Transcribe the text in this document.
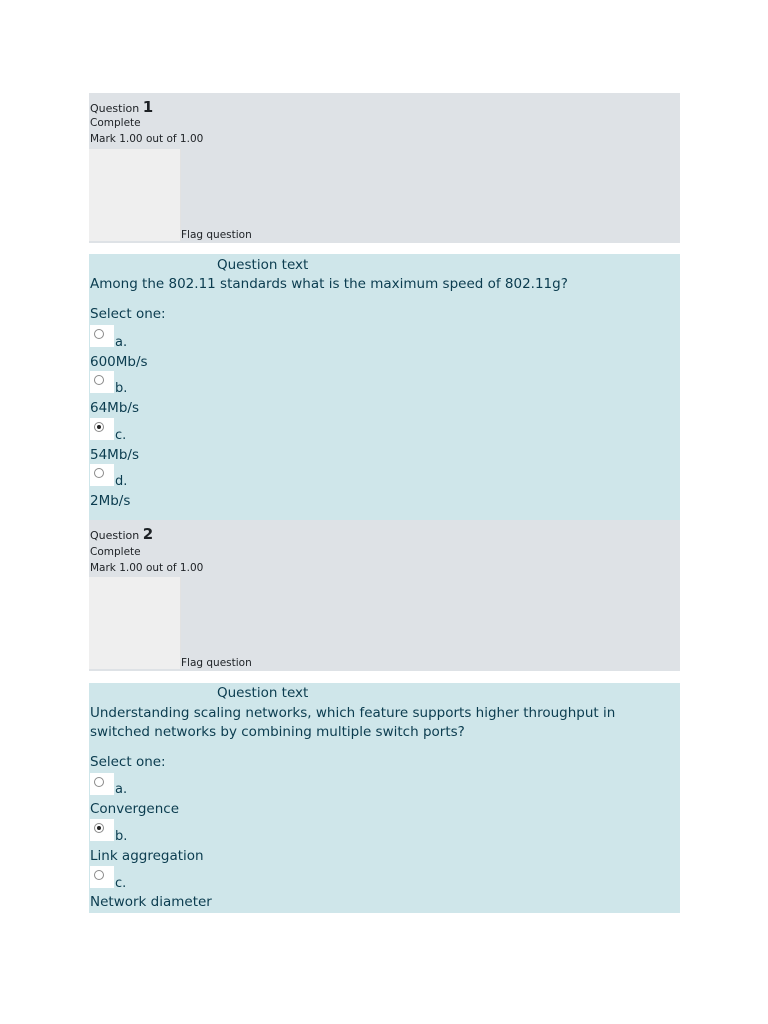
Question 1
Complete
Mark 1.00 out of 1.00
Flag question
Question text
Among the 802.11 standards what is the maximum speed of 802.11g?
Select one:
a.
600Mb/s
b.
64Mb/s
c.
54Mb/s
d.
2Mb/s
Question 2
Complete
Mark 1.00 out of 1.00
Flag question
Question text
Understanding scaling networks, which feature supports higher throughput in switched networks by combining multiple switch ports?
Select one:
a.
Convergence
b.
Link aggregation
c.
Network diameter
